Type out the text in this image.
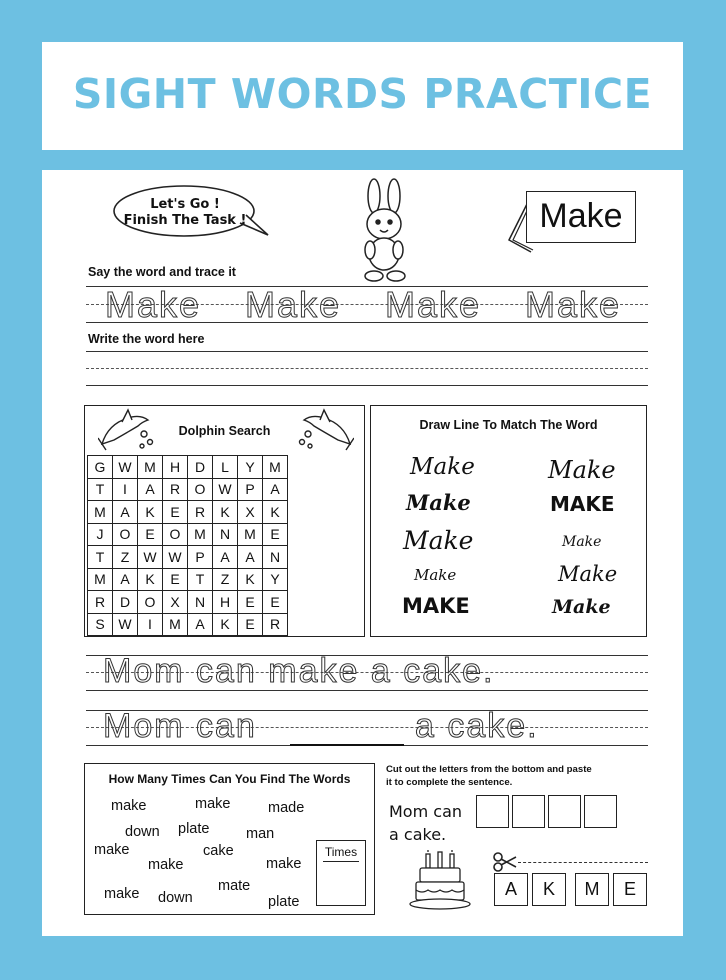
SIGHT WORDS PRACTICE
Let's Go !
Finish The Task !	Make
Say the word and trace it
Make Make Make Make
Write the word here
Dolphin Search
G	W	M	H	D	L	Y	M
T	I	A	R	O	W	P	A
M	A	K	E	R	K	X	K
J	O	E	O	M	N	M	E
T	Z	W	W	P	A	A	N
M	A	K	E	T	Z	K	Y
R	D	O	X	N	H	E	E
S	W	I	M	A	K	E	R
Draw Line To Match The Word
Make
Make
Make
Make
MAKE
Make
MAKE
Make
Make
Make
Mom can make a cake.
Mom can	a cake.
How Many Times Can You Find The Words
make	make	made
down plate	man
make	cake
make	make
make	mate
down	plate
Times
Cut out the letters from the bottom and paste
it to complete the sentence.
Mom can
a cake.
A	K	M	E
